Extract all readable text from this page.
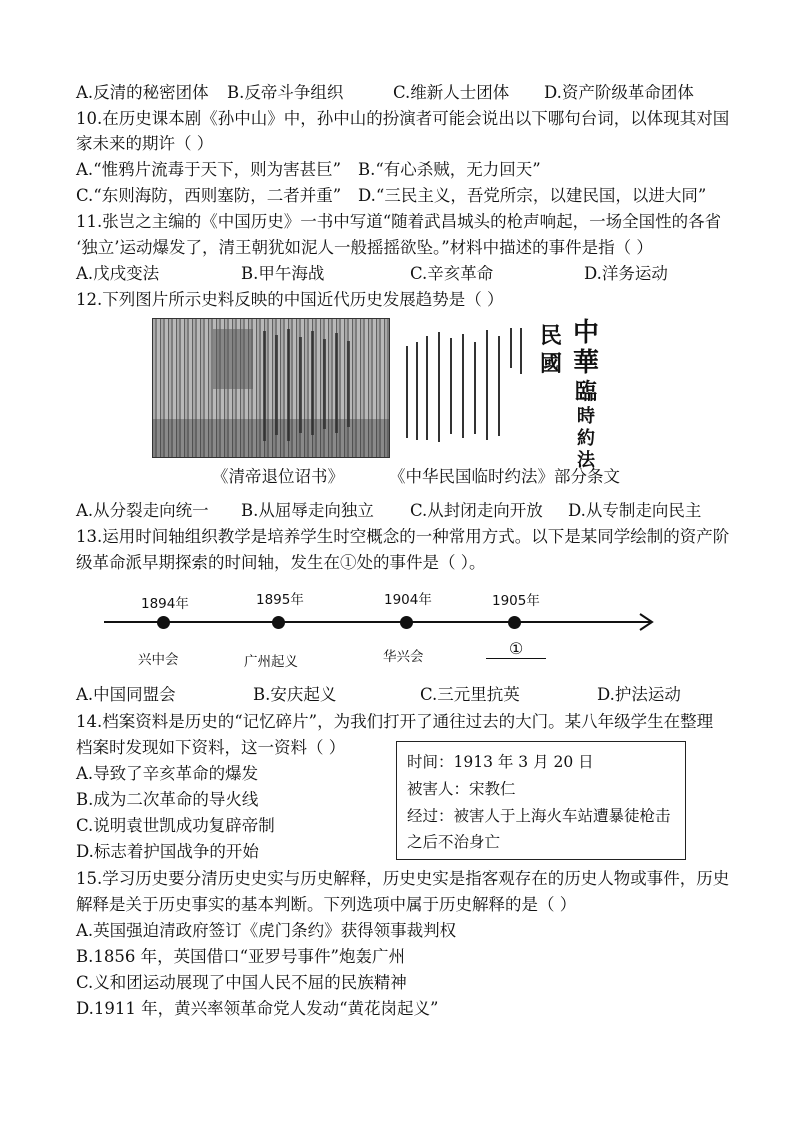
A.反清的秘密团体 B.反帝斗争组织	C.维新人士团体 D.资产阶级革命团体
10.在历史课本剧《孙中山》中，孙中山的扮演者可能会说出以下哪句台词，以体现其对国
家未来的期许（ ）
A.“惟鸦片流毒于天下，则为害甚巨” B.“有心杀贼，无力回天”
C.“东则海防，西则塞防，二者并重” D.“三民主义，吾党所宗，以建民国，以进大同”
11.张岂之主编的《中国历史》一书中写道“随着武昌城头的枪声响起，一场全国性的各省
‘独立’运动爆发了，清王朝犹如泥人一般摇摇欲坠。”材料中描述的事件是指（ ）
A.戊戌变法	B.甲午海战	C.辛亥革命	D.洋务运动
12.下列图片所示史料反映的中国近代历史发展趋势是（ ）
中
華
臨
時
約
法
民
國
《清帝退位诏书》	《中华民国临时约法》部分条文
A.从分裂走向统一 B.从屈辱走向独立 C.从封闭走向开放 D.从专制走向民主
13.运用时间轴组织教学是培养学生时空概念的一种常用方式。以下是某同学绘制的资产阶
级革命派早期探索的时间轴，发生在①处的事件是（ ）。
1894年	1895年	1904年	1905年
兴中会	广州起义	华兴会	①
A.中国同盟会	B.安庆起义	C.三元里抗英	D.护法运动
14.档案资料是历史的“记忆碎片”，为我们打开了通往过去的大门。某八年级学生在整理
档案时发现如下资料，这一资料（ ）
A.导致了辛亥革命的爆发
B.成为二次革命的导火线
C.说明袁世凯成功复辟帝制
D.标志着护国战争的开始
时间：1913 年 3 月 20 日
被害人：宋教仁
经过：被害人于上海火车站遭暴徒枪击
之后不治身亡
15.学习历史要分清历史史实与历史解释，历史史实是指客观存在的历史人物或事件，历史
解释是关于历史事实的基本判断。下列选项中属于历史解释的是（ ）
A.英国强迫清政府签订《虎门条约》获得领事裁判权
B.1856 年，英国借口“亚罗号事件”炮轰广州
C.义和团运动展现了中国人民不屈的民族精神
D.1911 年，黄兴率领革命党人发动“黄花岗起义”
